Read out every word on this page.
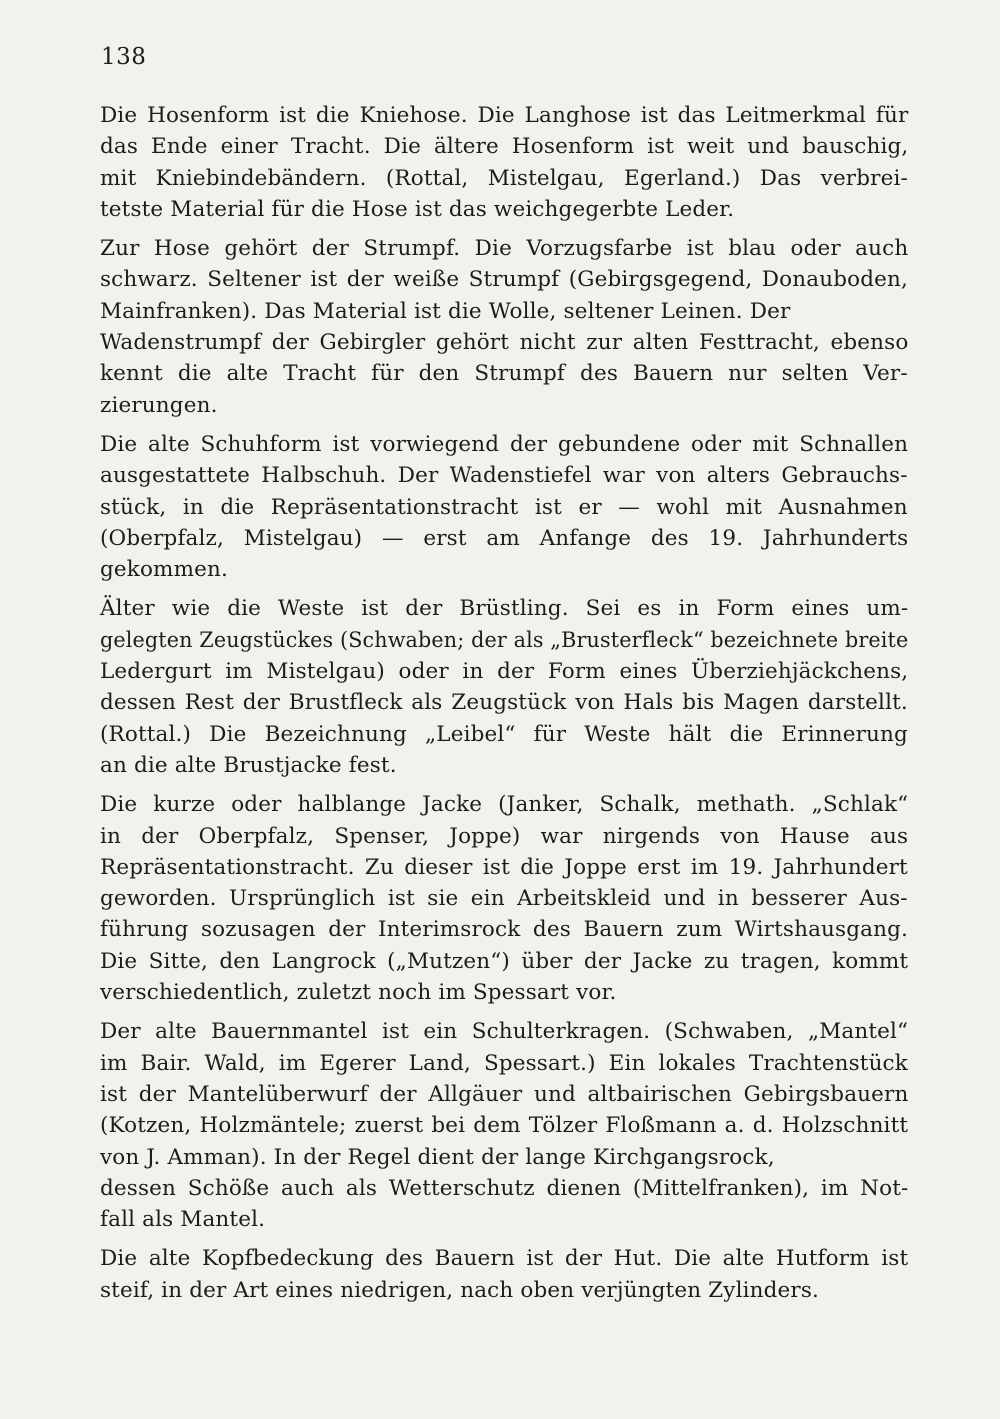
138
Die Hosenform ist die Kniehose. Die Langhose ist das Leitmerkmal für
das Ende einer Tracht. Die ältere Hosenform ist weit und bauschig,
mit Kniebindebändern. (Rottal, Mistelgau, Egerland.) Das verbrei-
tetste Material für die Hose ist das weichgegerbte Leder.
Zur Hose gehört der Strumpf. Die Vorzugsfarbe ist blau oder auch
schwarz. Seltener ist der weiße Strumpf (Gebirgsgegend, Donauboden,
Mainfranken). Das Material ist die Wolle, seltener Leinen. Der
Wadenstrumpf der Gebirgler gehört nicht zur alten Festtracht, ebenso
kennt die alte Tracht für den Strumpf des Bauern nur selten Ver-
zierungen.
Die alte Schuhform ist vorwiegend der gebundene oder mit Schnallen
ausgestattete Halbschuh. Der Wadenstiefel war von alters Gebrauchs-
stück, in die Repräsentationstracht ist er — wohl mit Ausnahmen
(Oberpfalz, Mistelgau) — erst am Anfange des 19. Jahrhunderts
gekommen.
Älter wie die Weste ist der Brüstling. Sei es in Form eines um-
gelegten Zeugstückes (Schwaben; der als „Brusterfleck“ bezeichnete breite
Ledergurt im Mistelgau) oder in der Form eines Überziehjäckchens,
dessen Rest der Brustfleck als Zeugstück von Hals bis Magen darstellt.
(Rottal.) Die Bezeichnung „Leibel“ für Weste hält die Erinnerung
an die alte Brustjacke fest.
Die kurze oder halblange Jacke (Janker, Schalk, methath. „Schlak“
in der Oberpfalz, Spenser, Joppe) war nirgends von Hause aus
Repräsentationstracht. Zu dieser ist die Joppe erst im 19. Jahrhundert
geworden. Ursprünglich ist sie ein Arbeitskleid und in besserer Aus-
führung sozusagen der Interimsrock des Bauern zum Wirtshausgang.
Die Sitte, den Langrock („Mutzen“) über der Jacke zu tragen, kommt
verschiedentlich, zuletzt noch im Spessart vor.
Der alte Bauernmantel ist ein Schulterkragen. (Schwaben, „Mantel“
im Bair. Wald, im Egerer Land, Spessart.) Ein lokales Trachtenstück
ist der Mantelüberwurf der Allgäuer und altbairischen Gebirgsbauern
(Kotzen, Holzmäntele; zuerst bei dem Tölzer Floßmann a. d. Holzschnitt
von J. Amman). In der Regel dient der lange Kirchgangsrock,
dessen Schöße auch als Wetterschutz dienen (Mittelfranken), im Not-
fall als Mantel.
Die alte Kopfbedeckung des Bauern ist der Hut. Die alte Hutform ist
steif, in der Art eines niedrigen, nach oben verjüngten Zylinders.
